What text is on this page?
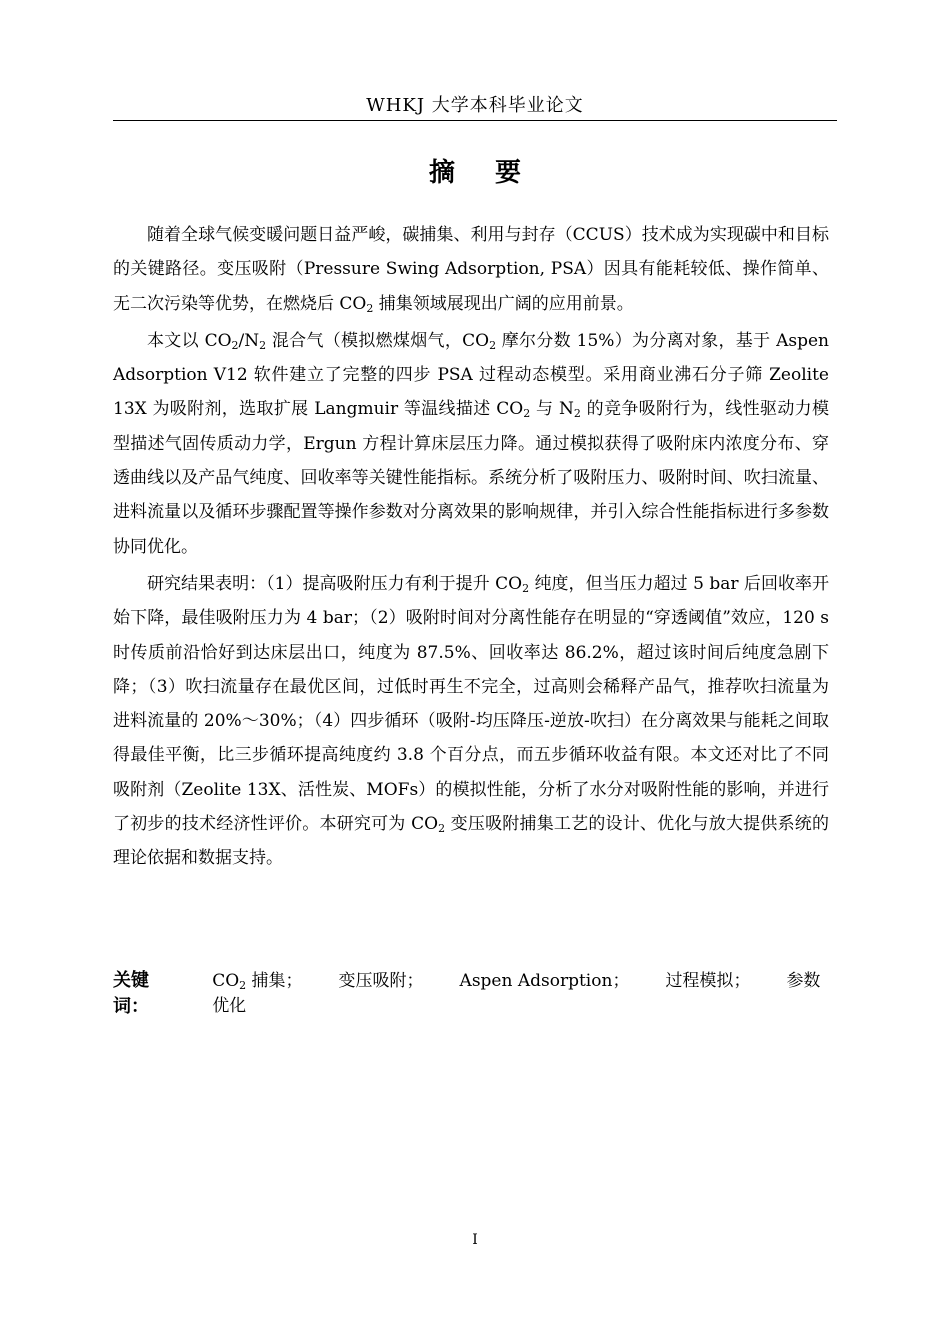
WHKJ 大学本科毕业论文
摘要

随着全球气候变暖问题日益严峻，碳捕集、利用与封存（CCUS）技术成为实现碳中和目标的关键路径。变压吸附（Pressure Swing Adsorption, PSA）因具有能耗较低、操作简单、无二次污染等优势，在燃烧后 $CO_2$ 捕集领域展现出广阔的应用前景。

本文以 $CO_2/N_2$ 混合气（模拟燃煤烟气，$CO_2$ 摩尔分数 15%）为分离对象，基于 Aspen Adsorption V12 软件建立了完整的四步 PSA 过程动态模型。采用商业沸石分子筛 Zeolite 13X 为吸附剂，选取扩展 Langmuir 等温线描述 $CO_2$ 与 $N_2$ 的竞争吸附行为，线性驱动力模型描述气固传质动力学，Ergun 方程计算床层压力降。通过模拟获得了吸附床内浓度分布、穿透曲线以及产品气纯度、回收率等关键性能指标。系统分析了吸附压力、吸附时间、吹扫流量、进料流量以及循环步骤配置等操作参数对分离效果的影响规律，并引入综合性能指标进行多参数协同优化。

研究结果表明：（1）提高吸附压力有利于提升 $CO_2$ 纯度，但当压力超过 5 bar 后回收率开始下降，最佳吸附压力为 4 bar；（2）吸附时间对分离性能存在明显的“穿透阈值”效应，120 s 时传质前沿恰好到达床层出口，纯度为 87.5%、回收率达 86.2%，超过该时间后纯度急剧下降；（3）吹扫流量存在最优区间，过低时再生不完全，过高则会稀释产品气，推荐吹扫流量为进料流量的 20%～30%；（4）四步循环（吸附-均压降压-逆放-吹扫）在分离效果与能耗之间取得最佳平衡，比三步循环提高纯度约 3.8 个百分点，而五步循环收益有限。本文还对比了不同吸附剂（Zeolite 13X、活性炭、MOFs）的模拟性能，分析了水分对吸附性能的影响，并进行了初步的技术经济性评价。本研究可为 $CO_2$ 变压吸附捕集工艺的设计、优化与放大提供系统的理论依据和数据支持。

关键词：
$CO_2$ 捕集； 变压吸附； Aspen Adsorption； 过程模拟； 参数优化
I
